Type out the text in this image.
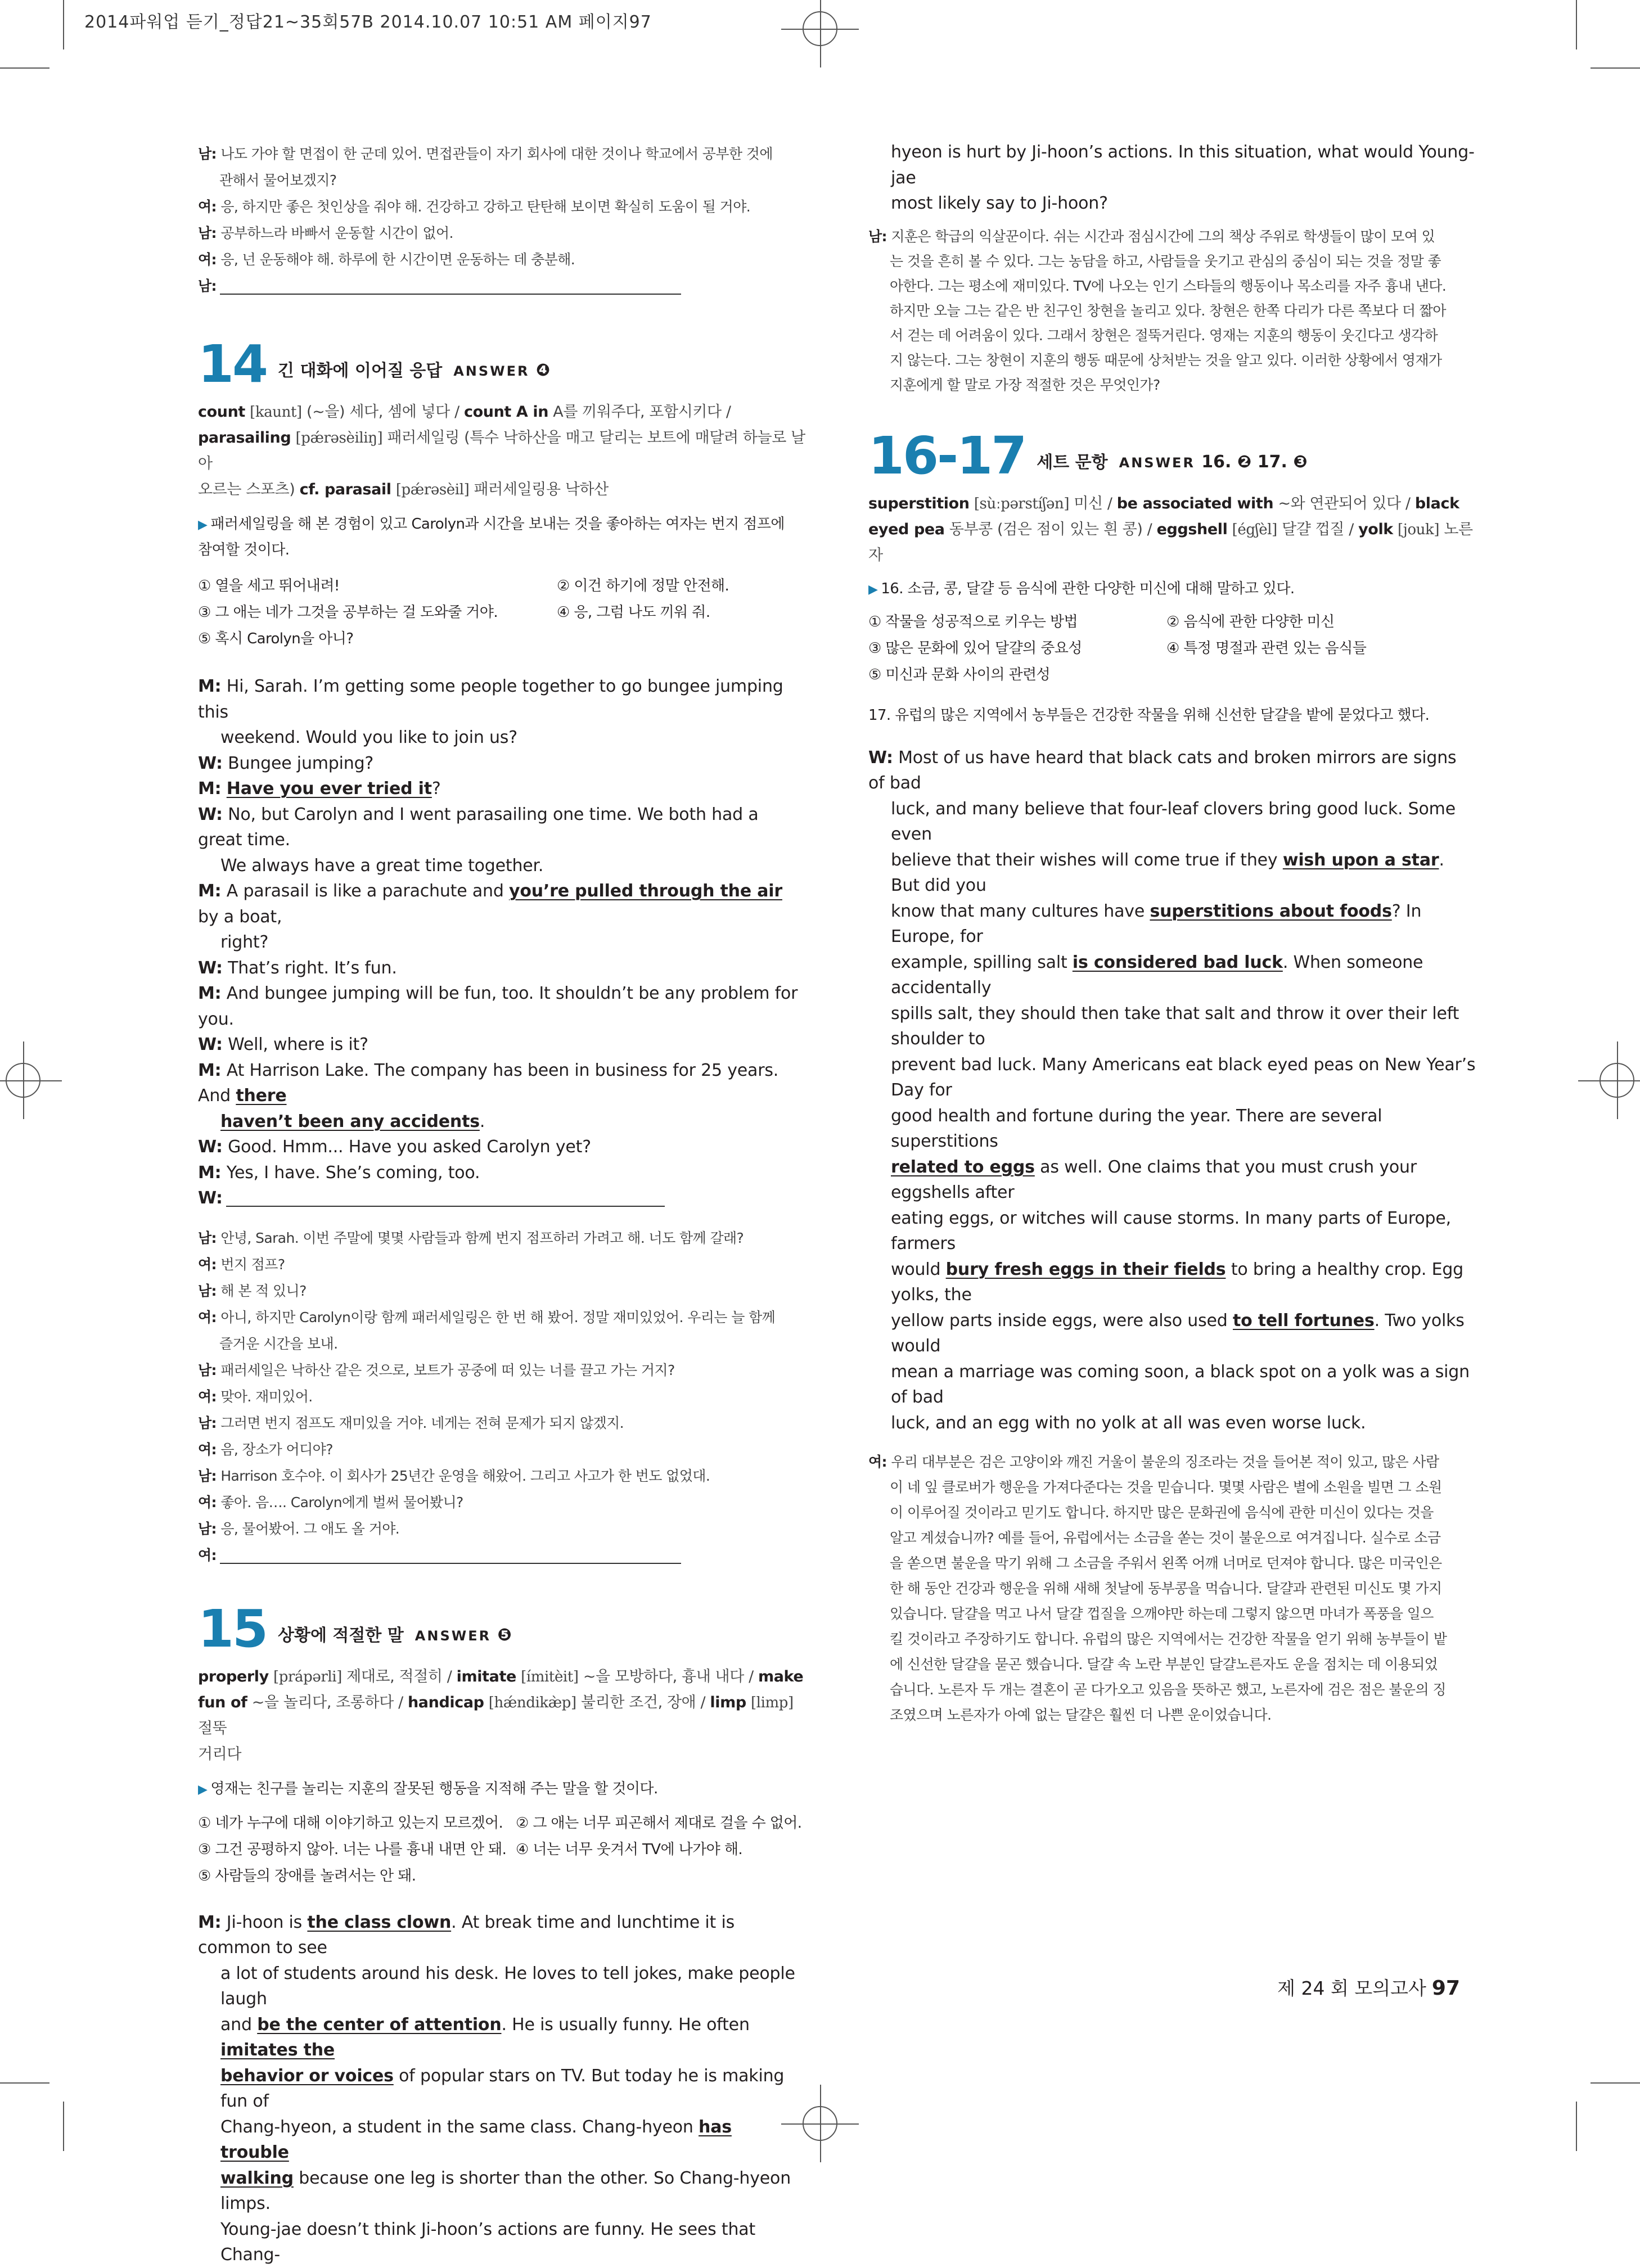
2014파워업 듣기_정답21~35회57B 2014.10.07 10:51 AM 페이지97
남: 나도 가야 할 면접이 한 군데 있어. 면접관들이 자기 회사에 대한 것이나 학교에서 공부한 것에
관해서 물어보겠지?
여: 응, 하지만 좋은 첫인상을 줘야 해. 건강하고 강하고 탄탄해 보이면 확실히 도움이 될 거야.
남: 공부하느라 바빠서 운동할 시간이 없어.
여: 응, 넌 운동해야 해. 하루에 한 시간이면 운동하는 데 충분해.
남:
14 긴 대화에 이어질 응답 ANSWER ❹
count [kaunt] (~을) 세다, 셈에 넣다 / count A in A를 끼워주다, 포함시키다 /
parasailing [pǽrəsèiliŋ] 패러세일링 (특수 낙하산을 매고 달리는 보트에 매달려 하늘로 날아
오르는 스포츠) cf. parasail [pǽrəsèil] 패러세일링용 낙하산
▶ 패러세일링을 해 본 경험이 있고 Carolyn과 시간을 보내는 것을 좋아하는 여자는 번지 점프에
참여할 것이다.
① 열을 세고 뛰어내려!	② 이건 하기에 정말 안전해.
③ 그 애는 네가 그것을 공부하는 걸 도와줄 거야.	④ 응, 그럼 나도 끼워 줘.
⑤ 혹시 Carolyn을 아니?
M: Hi, Sarah. I’m getting some people together to go bungee jumping this
weekend. Would you like to join us?
W: Bungee jumping?
M: Have you ever tried it?
W: No, but Carolyn and I went parasailing one time. We both had a great time.
We always have a great time together.
M: A parasail is like a parachute and you’re pulled through the air by a boat,
right?
W: That’s right. It’s fun.
M: And bungee jumping will be fun, too. It shouldn’t be any problem for you.
W: Well, where is it?
M: At Harrison Lake. The company has been in business for 25 years. And there
haven’t been any accidents.
W: Good. Hmm... Have you asked Carolyn yet?
M: Yes, I have. She’s coming, too.
W:
남: 안녕, Sarah. 이번 주말에 몇몇 사람들과 함께 번지 점프하러 가려고 해. 너도 함께 갈래?
여: 번지 점프?
남: 해 본 적 있니?
여: 아니, 하지만 Carolyn이랑 함께 패러세일링은 한 번 해 봤어. 정말 재미있었어. 우리는 늘 함께
즐거운 시간을 보내.
남: 패러세일은 낙하산 같은 것으로, 보트가 공중에 떠 있는 너를 끌고 가는 거지?
여: 맞아. 재미있어.
남: 그러면 번지 점프도 재미있을 거야. 네게는 전혀 문제가 되지 않겠지.
여: 음, 장소가 어디야?
남: Harrison 호수야. 이 회사가 25년간 운영을 해왔어. 그리고 사고가 한 번도 없었대.
여: 좋아. 음…. Carolyn에게 벌써 물어봤니?
남: 응, 물어봤어. 그 애도 올 거야.
여:
15 상황에 적절한 말 ANSWER ❺
properly [prápərli] 제대로, 적절히 / imitate [ímitèit] ~을 모방하다, 흉내 내다 / make
fun of ~을 놀리다, 조롱하다 / handicap [hǽndikæ̀p] 불리한 조건, 장애 / limp [limp] 절뚝
거리다
▶ 영재는 친구를 놀리는 지훈의 잘못된 행동을 지적해 주는 말을 할 것이다.
① 네가 누구에 대해 이야기하고 있는지 모르겠어. ② 그 애는 너무 피곤해서 제대로 걸을 수 없어.
③ 그건 공평하지 않아. 너는 나를 흉내 내면 안 돼. ④ 너는 너무 웃겨서 TV에 나가야 해.
⑤ 사람들의 장애를 놀려서는 안 돼.
M: Ji-hoon is the class clown. At break time and lunchtime it is common to see
a lot of students around his desk. He loves to tell jokes, make people laugh
and be the center of attention. He is usually funny. He often imitates the
behavior or voices of popular stars on TV. But today he is making fun of
Chang-hyeon, a student in the same class. Chang-hyeon has trouble
walking because one leg is shorter than the other. So Chang-hyeon limps.
Young-jae doesn’t think Ji-hoon’s actions are funny. He sees that Chang-
hyeon is hurt by Ji-hoon’s actions. In this situation, what would Young-jae
most likely say to Ji-hoon?
남: 지훈은 학급의 익살꾼이다. 쉬는 시간과 점심시간에 그의 책상 주위로 학생들이 많이 모여 있
는 것을 흔히 볼 수 있다. 그는 농담을 하고, 사람들을 웃기고 관심의 중심이 되는 것을 정말 좋
아한다. 그는 평소에 재미있다. TV에 나오는 인기 스타들의 행동이나 목소리를 자주 흉내 낸다.
하지만 오늘 그는 같은 반 친구인 창현을 놀리고 있다. 창현은 한쪽 다리가 다른 쪽보다 더 짧아
서 걷는 데 어려움이 있다. 그래서 창현은 절뚝거린다. 영재는 지훈의 행동이 웃긴다고 생각하
지 않는다. 그는 창현이 지훈의 행동 때문에 상처받는 것을 알고 있다. 이러한 상황에서 영재가
지훈에게 할 말로 가장 적절한 것은 무엇인가?
16-17 세트 문항 ANSWER 16. ❷ 17. ❸
superstition [sùːpərstíʃən] 미신 / be associated with ~와 연관되어 있다 / black
eyed pea 동부콩 (검은 점이 있는 흰 콩) / eggshell [égʃèl] 달걀 껍질 / yolk [jouk] 노른자
▶ 16. 소금, 콩, 달걀 등 음식에 관한 다양한 미신에 대해 말하고 있다.
① 작물을 성공적으로 키우는 방법	② 음식에 관한 다양한 미신
③ 많은 문화에 있어 달걀의 중요성	④ 특정 명절과 관련 있는 음식들
⑤ 미신과 문화 사이의 관련성
17. 유럽의 많은 지역에서 농부들은 건강한 작물을 위해 신선한 달걀을 밭에 묻었다고 했다.
W: Most of us have heard that black cats and broken mirrors are signs of bad
luck, and many believe that four-leaf clovers bring good luck. Some even
believe that their wishes will come true if they wish upon a star. But did you
know that many cultures have superstitions about foods? In Europe, for
example, spilling salt is considered bad luck. When someone accidentally
spills salt, they should then take that salt and throw it over their left shoulder to
prevent bad luck. Many Americans eat black eyed peas on New Year’s Day for
good health and fortune during the year. There are several superstitions
related to eggs as well. One claims that you must crush your eggshells after
eating eggs, or witches will cause storms. In many parts of Europe, farmers
would bury fresh eggs in their fields to bring a healthy crop. Egg yolks, the
yellow parts inside eggs, were also used to tell fortunes. Two yolks would
mean a marriage was coming soon, a black spot on a yolk was a sign of bad
luck, and an egg with no yolk at all was even worse luck.
여: 우리 대부분은 검은 고양이와 깨진 거울이 불운의 징조라는 것을 들어본 적이 있고, 많은 사람
이 네 잎 클로버가 행운을 가져다준다는 것을 믿습니다. 몇몇 사람은 별에 소원을 빌면 그 소원
이 이루어질 것이라고 믿기도 합니다. 하지만 많은 문화권에 음식에 관한 미신이 있다는 것을
알고 계셨습니까? 예를 들어, 유럽에서는 소금을 쏟는 것이 불운으로 여겨집니다. 실수로 소금
을 쏟으면 불운을 막기 위해 그 소금을 주워서 왼쪽 어깨 너머로 던져야 합니다. 많은 미국인은
한 해 동안 건강과 행운을 위해 새해 첫날에 동부콩을 먹습니다. 달걀과 관련된 미신도 몇 가지
있습니다. 달걀을 먹고 나서 달걀 껍질을 으깨야만 하는데 그렇지 않으면 마녀가 폭풍을 일으
킬 것이라고 주장하기도 합니다. 유럽의 많은 지역에서는 건강한 작물을 얻기 위해 농부들이 밭
에 신선한 달걀을 묻곤 했습니다. 달걀 속 노란 부분인 달걀노른자도 운을 점치는 데 이용되었
습니다. 노른자 두 개는 결혼이 곧 다가오고 있음을 뜻하곤 했고, 노른자에 검은 점은 불운의 징
조였으며 노른자가 아예 없는 달걀은 훨씬 더 나쁜 운이었습니다.
제 24 회 모의고사 97
